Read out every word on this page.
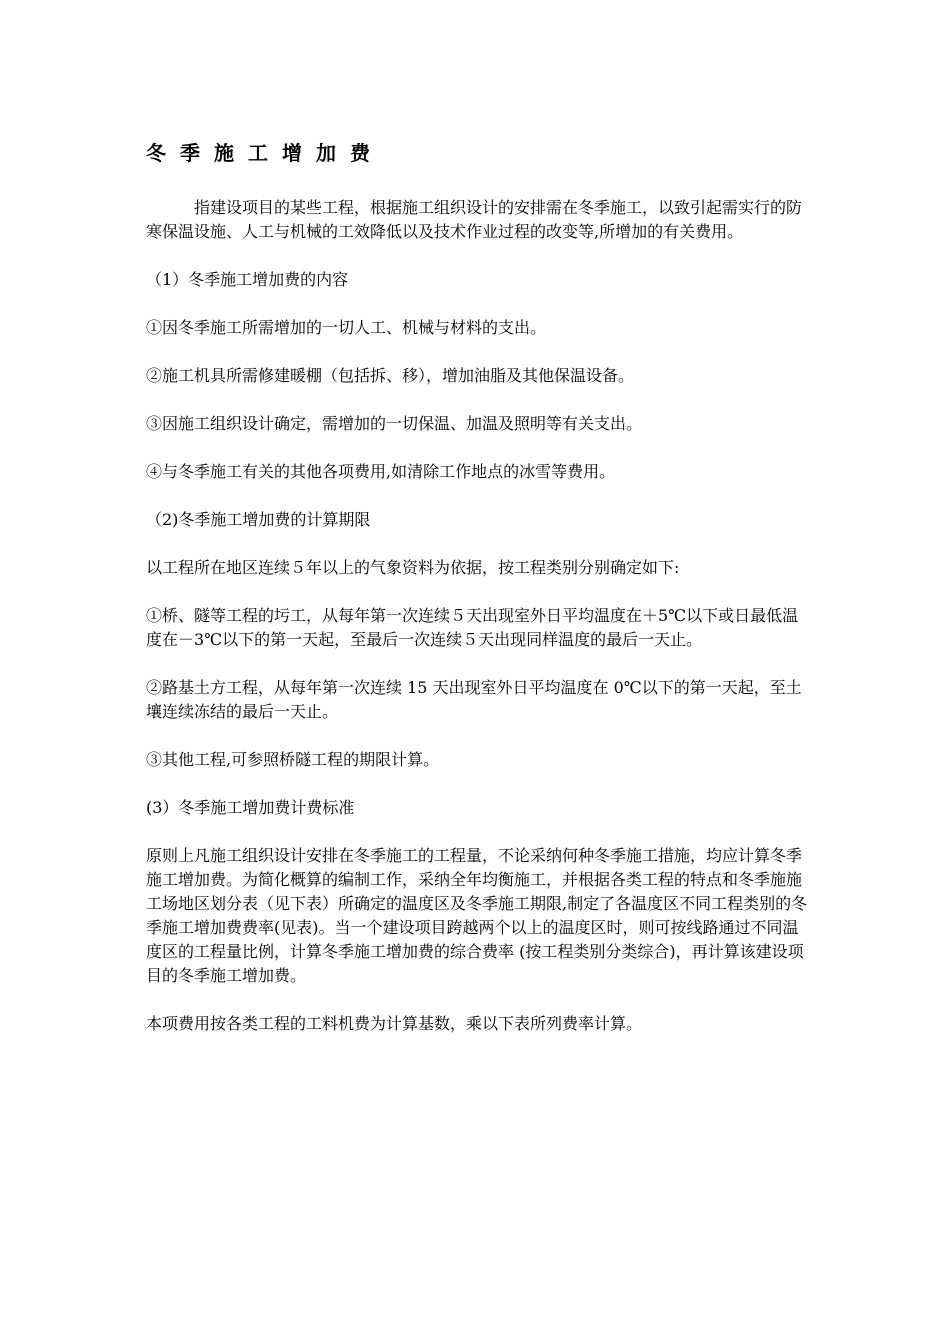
冬季施工增加费

指建设项目的某些工程，根据施工组织设计的安排需在冬季施工，以致引起需实行的防寒保温设施、人工与机械的工效降低以及技术作业过程的改变等,所增加的有关费用。

（1）冬季施工增加费的内容

①因冬季施工所需增加的一切人工、机械与材料的支出。

②施工机具所需修建暖棚（包括拆、移），增加油脂及其他保温设备。

③因施工组织设计确定，需增加的一切保温、加温及照明等有关支出。

④与冬季施工有关的其他各项费用,如清除工作地点的冰雪等费用。

（2)冬季施工增加费的计算期限

以工程所在地区连续５年以上的气象资料为依据，按工程类别分别确定如下:

①桥、隧等工程的圬工，从每年第一次连续５天出现室外日平均温度在＋5℃以下或日最低温度在－3℃以下的第一天起，至最后一次连续５天出现同样温度的最后一天止。

②路基土方工程，从每年第一次连续 15 天出现室外日平均温度在 0℃以下的第一天起，至土壤连续冻结的最后一天止。

③其他工程,可参照桥隧工程的期限计算。

(3）冬季施工增加费计费标准

原则上凡施工组织设计安排在冬季施工的工程量，不论采纳何种冬季施工措施，均应计算冬季施工增加费。为简化概算的编制工作，采纳全年均衡施工，并根据各类工程的特点和冬季施施工场地区划分表（见下表）所确定的温度区及冬季施工期限,制定了各温度区不同工程类别的冬季施工增加费费率(见表)。当一个建设项目跨越两个以上的温度区时，则可按线路通过不同温度区的工程量比例，计算冬季施工增加费的综合费率 (按工程类别分类综合)，再计算该建设项目的冬季施工增加费。

本项费用按各类工程的工料机费为计算基数，乘以下表所列费率计算。
